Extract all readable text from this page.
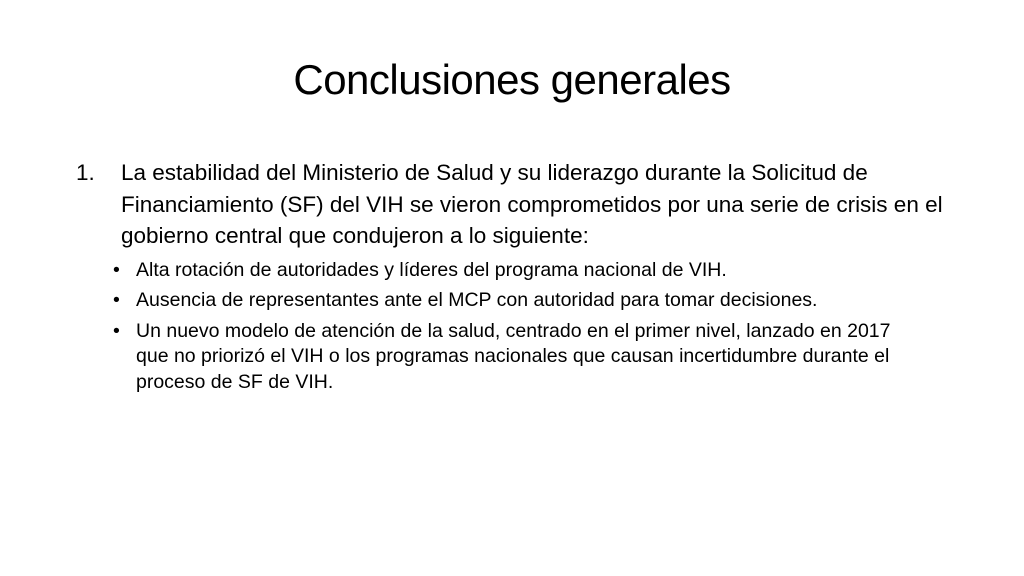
Conclusiones generales
1. La estabilidad del Ministerio de Salud y su liderazgo durante la Solicitud de Financiamiento (SF) del VIH se vieron comprometidos por una serie de crisis en el gobierno central que condujeron a lo siguiente:
• Alta rotación de autoridades y líderes del programa nacional de VIH.
• Ausencia de representantes ante el MCP con autoridad para tomar decisiones.
• Un nuevo modelo de atención de la salud, centrado en el primer nivel, lanzado en 2017 que no priorizó el VIH o los programas nacionales que causan incertidumbre durante el proceso de SF de VIH.
